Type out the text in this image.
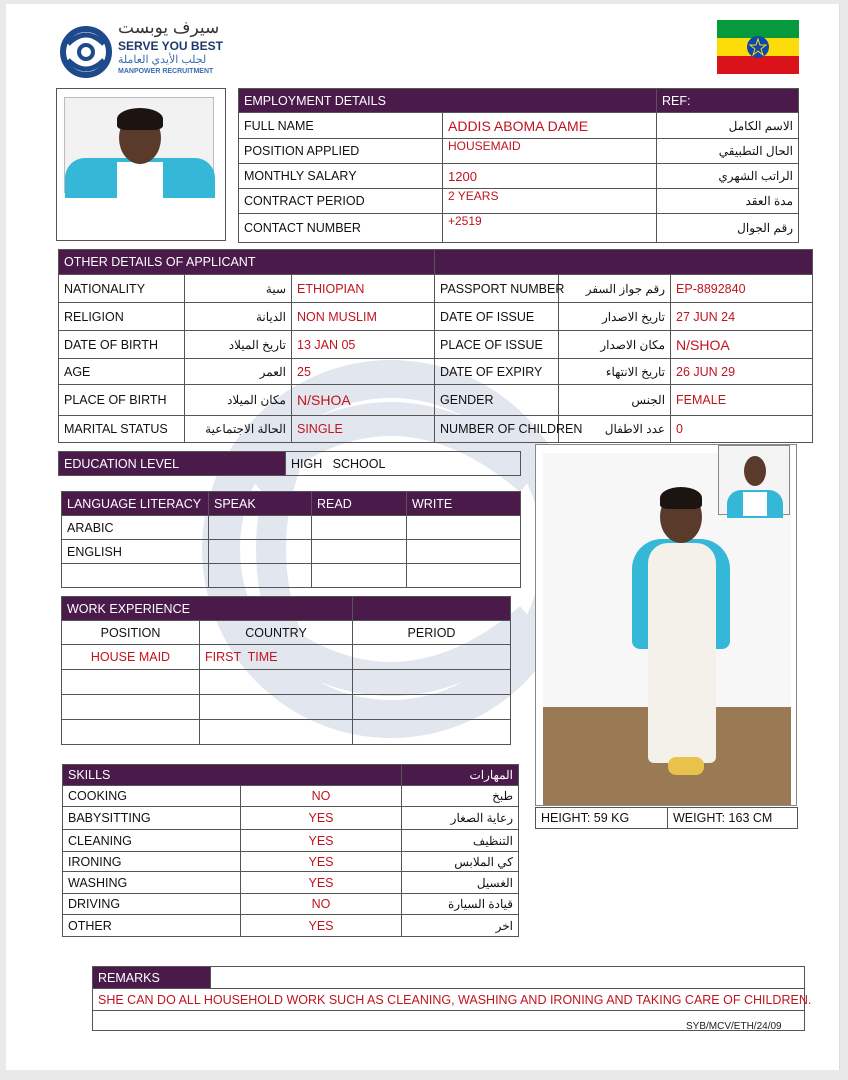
سيرف يوبست
SERVE YOU BEST
لجلب الأيدي العاملة
MANPOWER RECRUITMENT
EMPLOYMENT DETAILS		REF:
FULL NAME	ADDIS ABOMA DAME	الاسم الكامل
POSITION APPLIED	HOUSEMAID	الحال التطبيقي
MONTHLY SALARY	1200	الراتب الشهري
CONTRACT PERIOD	2 YEARS	مدة العقد
CONTACT NUMBER	+2519	رقم الجوال
OTHER DETAILS OF APPLICANT					
NATIONALITY	سية	ETHIOPIAN	PASSPORT NUMBER	رقم جواز السفر	EP-8892840
RELIGION	الديانة	NON MUSLIM	DATE OF ISSUE	تاريخ الاصدار	27 JUN 24
DATE OF BIRTH	تاريخ الميلاد	13 JAN 05	PLACE OF ISSUE	مكان الاصدار	N/SHOA
AGE	العمر	25	DATE OF EXPIRY	تاريخ الانتهاء	26 JUN 29
PLACE OF BIRTH	مكان الميلاد	N/SHOA	GENDER	الجنس	FEMALE
MARITAL STATUS	الحالة الاجتماعية	SINGLE	NUMBER OF CHILDREN	عدد الاطفال	0
EDUCATION LEVEL	HIGH   SCHOOL
LANGUAGE LITERACY	SPEAK	READ	WRITE
ARABIC			
ENGLISH			

WORK EXPERIENCE		
POSITION	COUNTRY	PERIOD
HOUSE MAID	FIRST  TIME	

SKILLS		المهارات
COOKING	NO	طبخ
BABYSITTING	YES	رعاية الصغار
CLEANING	YES	التنظيف
IRONING	YES	كي الملابس
WASHING	YES	الغسيل
DRIVING	NO	قيادة السيارة
OTHER	YES	اخر
HEIGHT: 59 KG	WEIGHT: 163 CM
REMARKS	
SHE CAN DO ALL HOUSEHOLD WORK SUCH AS CLEANING, WASHING AND IRONING AND TAKING CARE OF CHILDREN.

SYB/MCV/ETH/24/09
